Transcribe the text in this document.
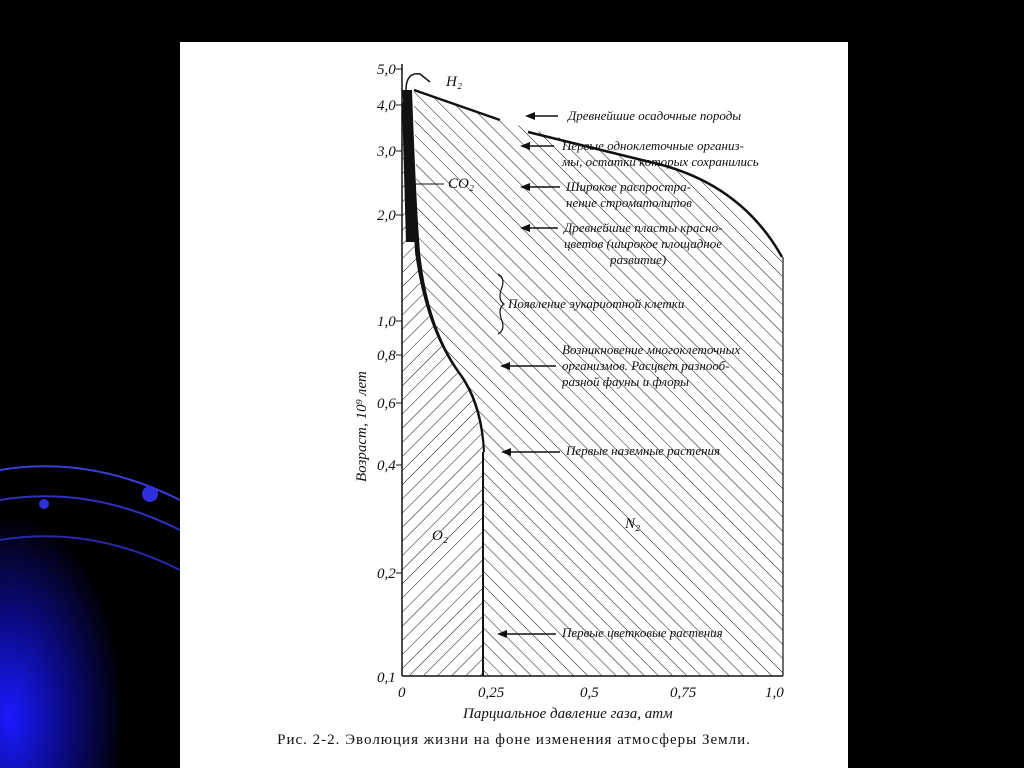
5,0
4,0
3,0
2,0
1,0
0,8
0,6
0,4
0,2
0,1
0	0,25	0,5	0,75	1,0
Возраст, 10⁹ лет
Парциальное давление газа, атм
H₂
CO₂
O₂
N₂
Древнейшие осадочные породы
Первые одноклеточные организ-мы, остатки которых сохранились
Широкое распростра-нение строматолитов
Древнейшие пласты красно-цветов (широкое площадное развитие)
Появление эукариотной клетки
Возникновение многоклеточных организмов. Расцвет разнооб-разной фауны и флоры
Первые наземные растения
Первые цветковые растения
Рис. 2-2. Эволюция жизни на фоне изменения атмосферы Земли.
